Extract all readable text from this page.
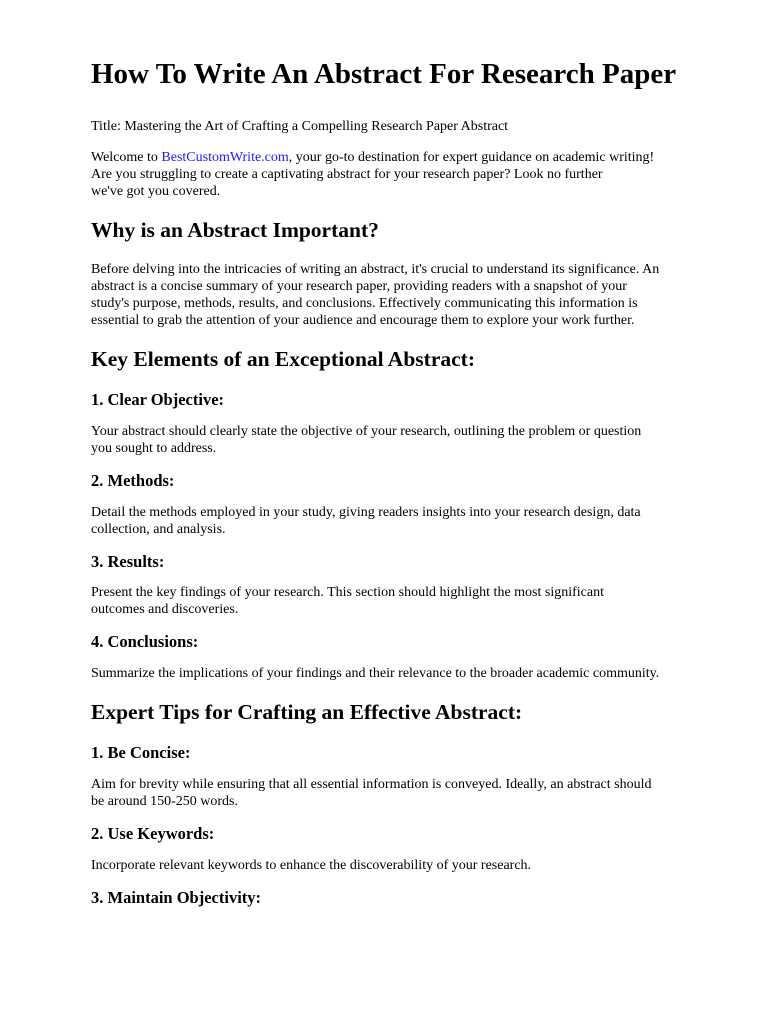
How To Write An Abstract For Research Paper

Title: Mastering the Art of Crafting a Compelling Research Paper Abstract

Welcome to BestCustomWrite.com, your go-to destination for expert guidance on academic writing!
Are you struggling to create a captivating abstract for your research paper? Look no further
we've got you covered.

Why is an Abstract Important?

Before delving into the intricacies of writing an abstract, it's crucial to understand its significance. An
abstract is a concise summary of your research paper, providing readers with a snapshot of your
study's purpose, methods, results, and conclusions. Effectively communicating this information is
essential to grab the attention of your audience and encourage them to explore your work further.

Key Elements of an Exceptional Abstract:
1. Clear Objective:

Your abstract should clearly state the objective of your research, outlining the problem or question
you sought to address.

2. Methods:

Detail the methods employed in your study, giving readers insights into your research design, data
collection, and analysis.

3. Results:

Present the key findings of your research. This section should highlight the most significant
outcomes and discoveries.

4. Conclusions:

Summarize the implications of your findings and their relevance to the broader academic community.

Expert Tips for Crafting an Effective Abstract:
1. Be Concise:

Aim for brevity while ensuring that all essential information is conveyed. Ideally, an abstract should
be around 150-250 words.

2. Use Keywords:

Incorporate relevant keywords to enhance the discoverability of your research.

3. Maintain Objectivity:
